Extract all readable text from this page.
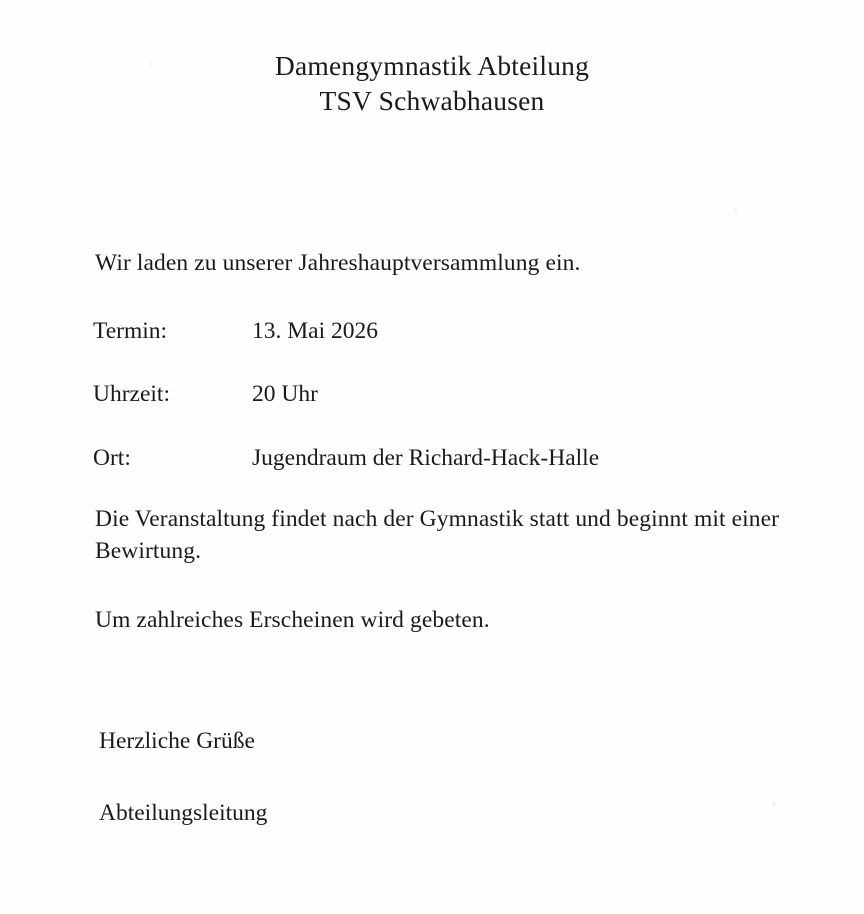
Damengymnastik Abteilung
TSV Schwabhausen

Wir laden zu unserer Jahreshauptversammlung ein.

Termin:	13. Mai 2026
Uhrzeit:	20 Uhr
Ort:	Jugendraum der Richard-Hack-Halle

Die Veranstaltung findet nach der Gymnastik statt und beginnt mit einer Bewirtung.

Um zahlreiches Erscheinen wird gebeten.

Herzliche Grüße
Abteilungsleitung
